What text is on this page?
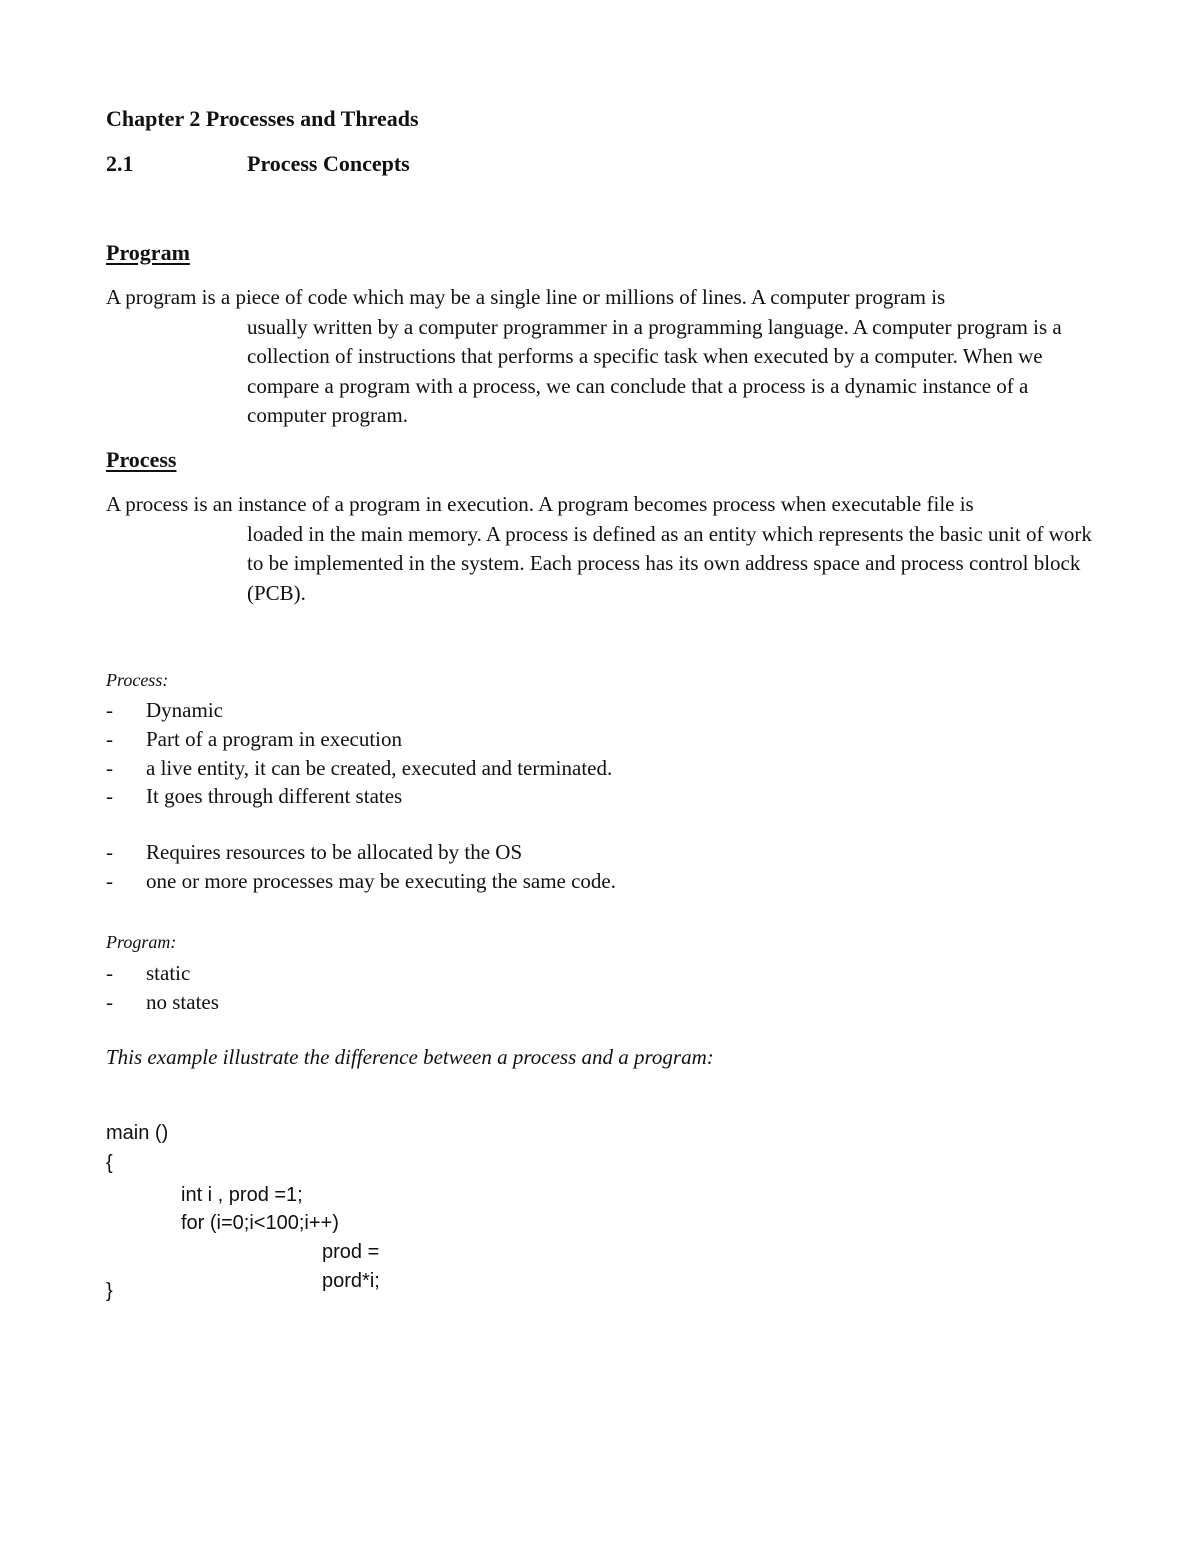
Chapter 2 Processes and Threads
2.1	Process Concepts
Program
A program is a piece of code which may be a single line or millions of lines. A computer program is
usually written by a computer programmer in a programming language. A computer program is a collection of instructions that performs a specific task when executed by a computer. When we compare a program with a process, we can conclude that a process is a dynamic instance of a computer program.
Process
A process is an instance of a program in execution. A program becomes process when executable file is
loaded in the main memory. A process is defined as an entity which represents the basic unit of work to be implemented in the system. Each process has its own address space and process control block (PCB).
Process:
- Dynamic
- Part of a program in execution
- a live entity, it can be created, executed and terminated.
- It goes through different states
- Requires resources to be allocated by the OS
- one or more processes may be executing the same code.
Program:
- static
- no states
This example illustrate the difference between a process and a program:
main ()
{
int i , prod =1;
for (i=0;i<100;i++)
prod =
pord*i;
}
